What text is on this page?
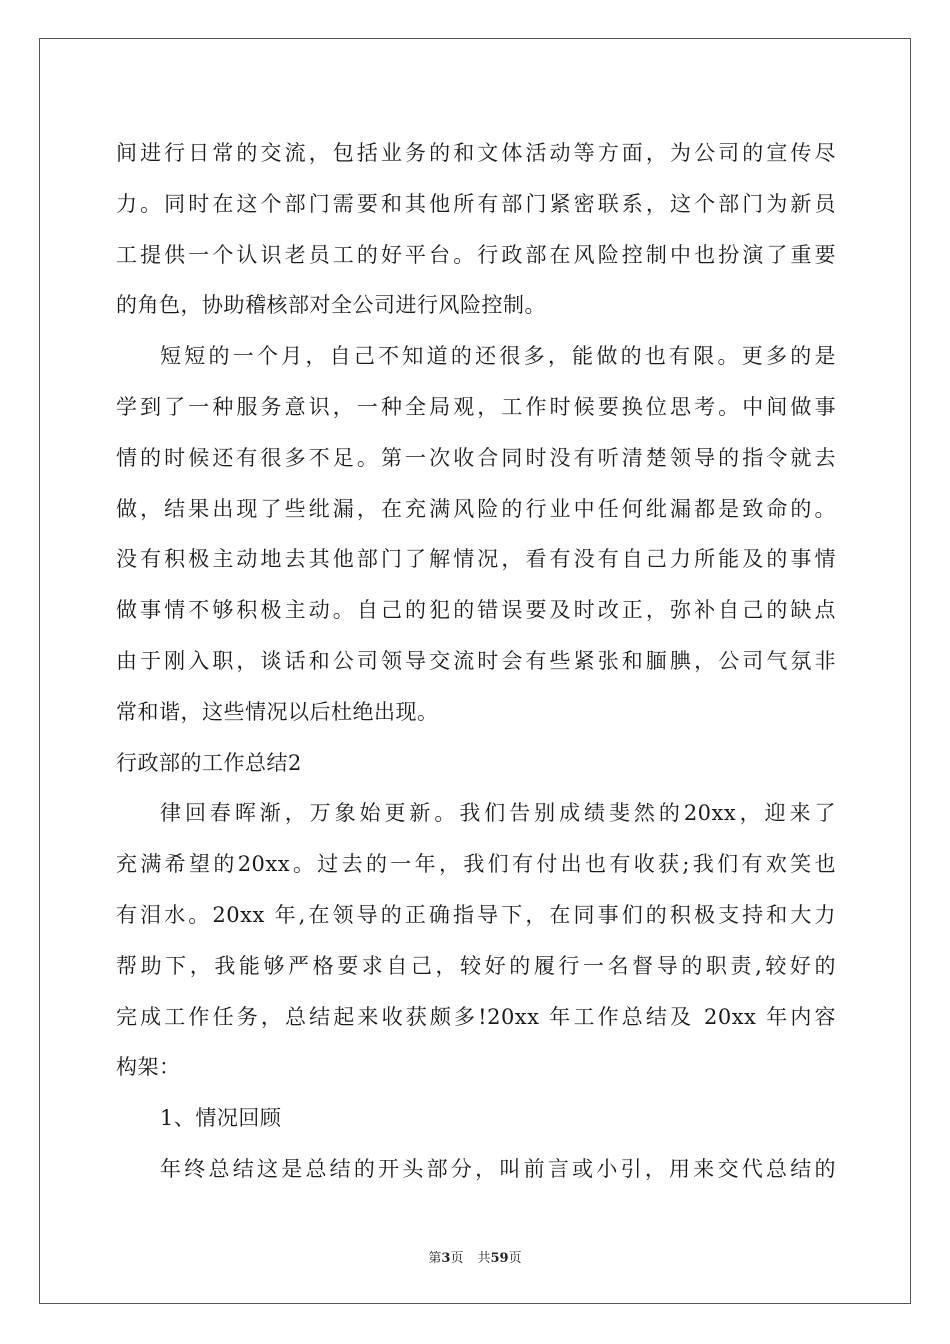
间进行日常的交流，包括业务的和文体活动等方面，为公司的宣传尽
力。同时在这个部门需要和其他所有部门紧密联系，这个部门为新员
工提供一个认识老员工的好平台。行政部在风险控制中也扮演了重要
的角色，协助稽核部对全公司进行风险控制。
短短的一个月，自己不知道的还很多，能做的也有限。更多的是
学到了一种服务意识，一种全局观，工作时候要换位思考。中间做事
情的时候还有很多不足。第一次收合同时没有听清楚领导的指令就去
做，结果出现了些纰漏，在充满风险的行业中任何纰漏都是致命的。
没有积极主动地去其他部门了解情况，看有没有自己力所能及的事情
做事情不够积极主动。自己的犯的错误要及时改正，弥补自己的缺点
由于刚入职，谈话和公司领导交流时会有些紧张和腼腆，公司气氛非
常和谐，这些情况以后杜绝出现。
行政部的工作总结2
律回春晖渐，万象始更新。我们告别成绩斐然的20xx，迎来了
充满希望的20xx。过去的一年，我们有付出也有收获;我们有欢笑也
有泪水。20xx 年,在领导的正确指导下，在同事们的积极支持和大力
帮助下，我能够严格要求自己，较好的履行一名督导的职责,较好的
完成工作任务，总结起来收获颇多!20xx 年工作总结及 20xx 年内容
构架：
1、情况回顾
年终总结这是总结的开头部分，叫前言或小引，用来交代总结的
第3页 共59页
